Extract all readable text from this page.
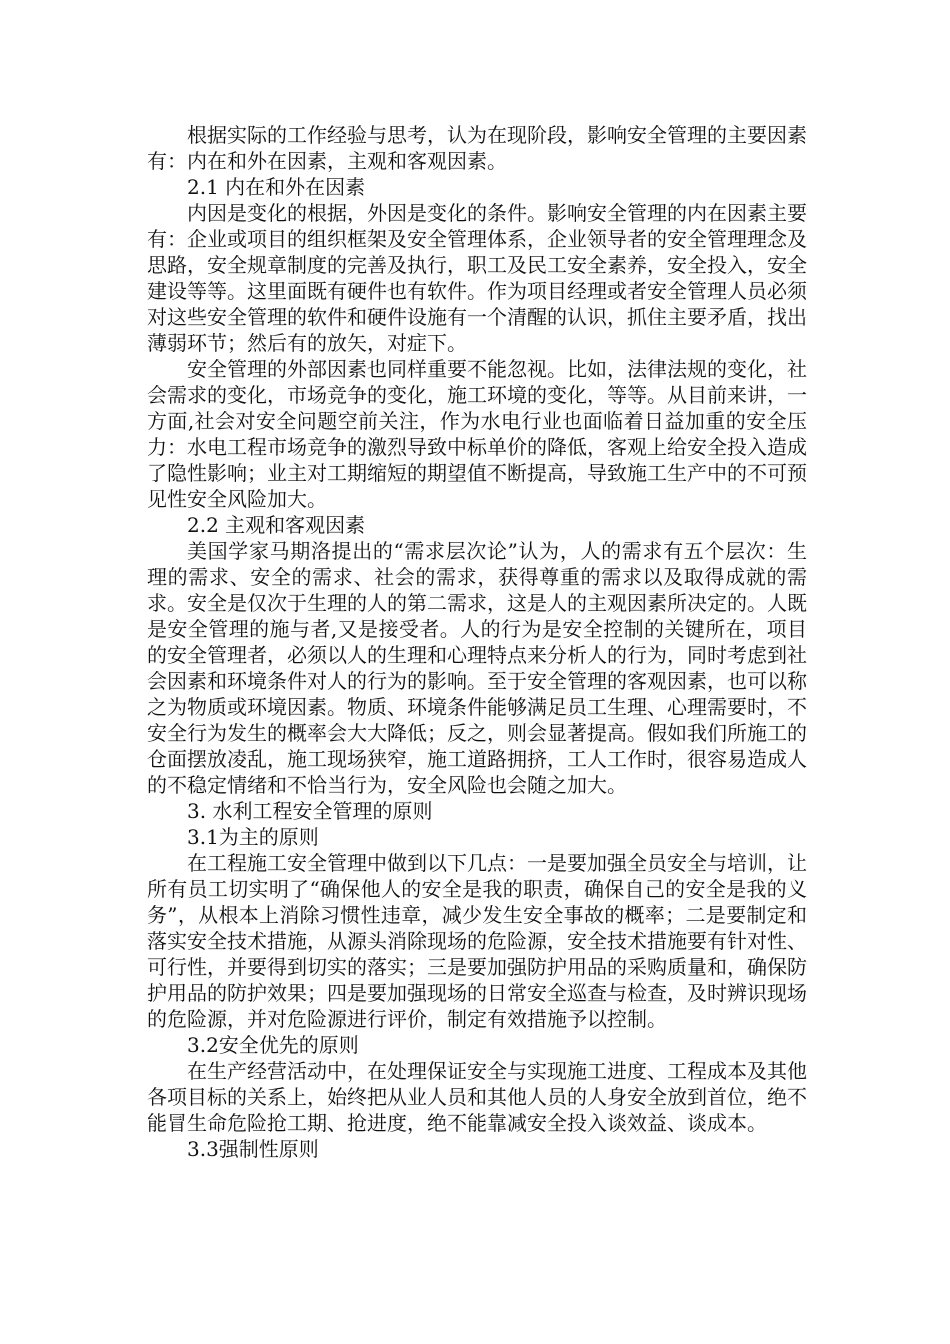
根据实际的工作经验与思考，认为在现阶段，影响安全管理的主要因素有：内在和外在因素，主观和客观因素。

2.1 内在和外在因素

内因是变化的根据，外因是变化的条件。影响安全管理的内在因素主要有：企业或项目的组织框架及安全管理体系，企业领导者的安全管理理念及思路，安全规章制度的完善及执行，职工及民工安全素养，安全投入，安全建设等等。这里面既有硬件也有软件。作为项目经理或者安全管理人员必须对这些安全管理的软件和硬件设施有一个清醒的认识，抓住主要矛盾，找出薄弱环节；然后有的放矢，对症下。

安全管理的外部因素也同样重要不能忽视。比如，法律法规的变化，社会需求的变化，市场竞争的变化，施工环境的变化，等等。从目前来讲，一方面,社会对安全问题空前关注，作为水电行业也面临着日益加重的安全压力：水电工程市场竞争的激烈导致中标单价的降低，客观上给安全投入造成了隐性影响；业主对工期缩短的期望值不断提高，导致施工生产中的不可预见性安全风险加大。

2.2 主观和客观因素

美国学家马期洛提出的“需求层次论”认为，人的需求有五个层次：生理的需求、安全的需求、社会的需求，获得尊重的需求以及取得成就的需求。安全是仅次于生理的人的第二需求，这是人的主观因素所决定的。人既是安全管理的施与者,又是接受者。人的行为是安全控制的关键所在，项目的安全管理者，必须以人的生理和心理特点来分析人的行为，同时考虑到社会因素和环境条件对人的行为的影响。至于安全管理的客观因素，也可以称之为物质或环境因素。物质、环境条件能够满足员工生理、心理需要时，不安全行为发生的概率会大大降低；反之，则会显著提高。假如我们所施工的仓面摆放凌乱，施工现场狭窄，施工道路拥挤，工人工作时，很容易造成人的不稳定情绪和不恰当行为，安全风险也会随之加大。

3. 水利工程安全管理的原则

3.1为主的原则

在工程施工安全管理中做到以下几点：一是要加强全员安全与培训，让所有员工切实明了“确保他人的安全是我的职责，确保自己的安全是我的义务”，从根本上消除习惯性违章，减少发生安全事故的概率；二是要制定和落实安全技术措施，从源头消除现场的危险源，安全技术措施要有针对性、可行性，并要得到切实的落实；三是要加强防护用品的采购质量和，确保防护用品的防护效果；四是要加强现场的日常安全巡查与检查，及时辨识现场的危险源，并对危险源进行评价，制定有效措施予以控制。

3.2安全优先的原则

在生产经营活动中，在处理保证安全与实现施工进度、工程成本及其他各项目标的关系上，始终把从业人员和其他人员的人身安全放到首位，绝不能冒生命危险抢工期、抢进度，绝不能靠减安全投入谈效益、谈成本。

3.3强制性原则
